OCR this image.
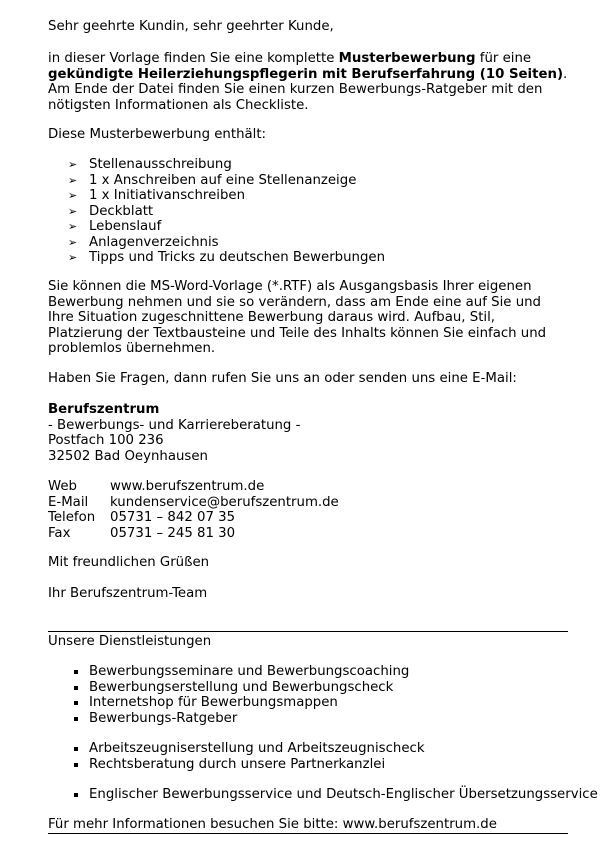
Sehr geehrte Kundin, sehr geehrter Kunde,

in dieser Vorlage finden Sie eine komplette Musterbewerbung für eine gekündigte Heilerziehungspflegerin mit Berufserfahrung (10 Seiten). Am Ende der Datei finden Sie einen kurzen Bewerbungs-Ratgeber mit den nötigsten Informationen als Checkliste.

Diese Musterbewerbung enthält:

➢ Stellenausschreibung
➢ 1 x Anschreiben auf eine Stellenanzeige
➢ 1 x Initiativanschreiben
➢ Deckblatt
➢ Lebenslauf
➢ Anlagenverzeichnis
➢ Tipps und Tricks zu deutschen Bewerbungen

Sie können die MS-Word-Vorlage (*.RTF) als Ausgangsbasis Ihrer eigenen Bewerbung nehmen und sie so verändern, dass am Ende eine auf Sie und Ihre Situation zugeschnittene Bewerbung daraus wird. Aufbau, Stil, Platzierung der Textbausteine und Teile des Inhalts können Sie einfach und problemlos übernehmen.

Haben Sie Fragen, dann rufen Sie uns an oder senden uns eine E-Mail:

Berufszentrum

- Bewerbungs- und Karriereberatung -

Postfach 100 236

32502 Bad Oeynhausen

Web	www.berufszentrum.de
E-Mail	kundenservice@berufszentrum.de
Telefon	05731 – 842 07 35
Fax	05731 – 245 81 30

Mit freundlichen Grüßen

Ihr Berufszentrum-Team

Unsere Dienstleistungen

Bewerbungsseminare und Bewerbungscoaching
Bewerbungserstellung und Bewerbungscheck
Internetshop für Bewerbungsmappen
Bewerbungs-Ratgeber
Arbeitszeugniserstellung und Arbeitszeugnischeck
Rechtsberatung durch unsere Partnerkanzlei
Englischer Bewerbungsservice und Deutsch-Englischer Übersetzungsservice

Für mehr Informationen besuchen Sie bitte: www.berufszentrum.de
